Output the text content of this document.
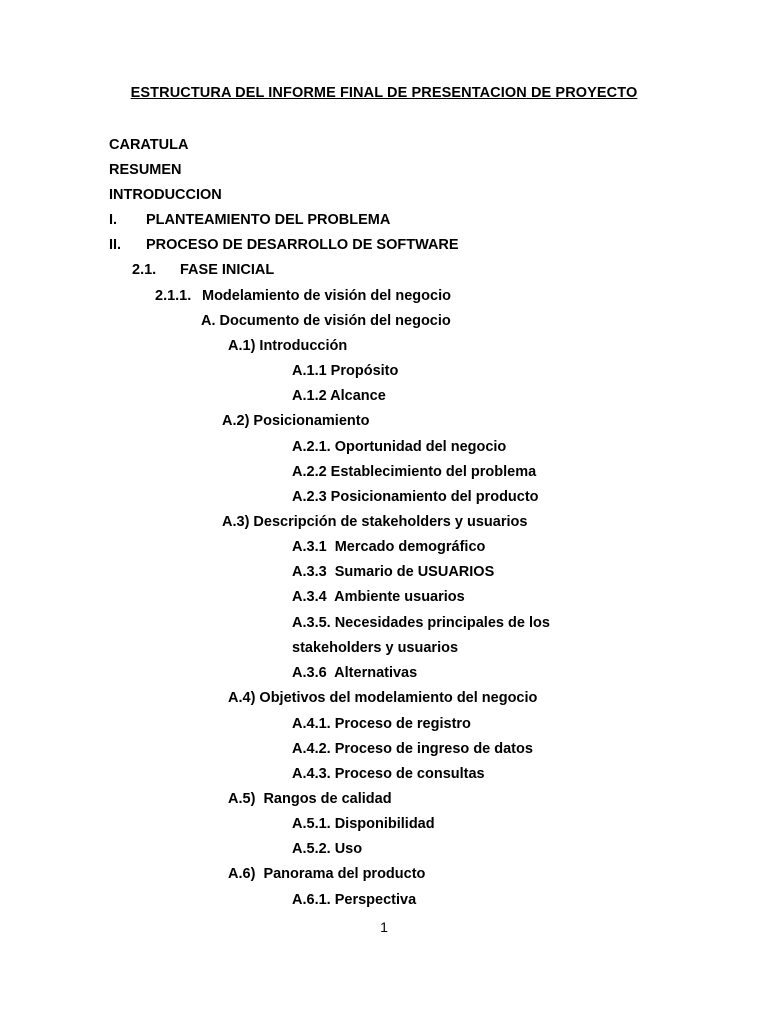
ESTRUCTURA DEL INFORME FINAL DE PRESENTACION DE PROYECTO
CARATULA
RESUMEN
INTRODUCCION
I. PLANTEAMIENTO DEL PROBLEMA
II. PROCESO DE DESARROLLO DE SOFTWARE
2.1. FASE INICIAL
2.1.1. Modelamiento de visión del negocio
A. Documento de visión del negocio
A.1) Introducción
A.1.1 Propósito
A.1.2 Alcance
A.2) Posicionamiento
A.2.1. Oportunidad del negocio
A.2.2 Establecimiento del problema
A.2.3 Posicionamiento del producto
A.3) Descripción de stakeholders y usuarios
A.3.1  Mercado demográfico
A.3.3  Sumario de USUARIOS
A.3.4  Ambiente usuarios
A.3.5. Necesidades principales de los
stakeholders y usuarios
A.3.6  Alternativas
A.4) Objetivos del modelamiento del negocio
A.4.1. Proceso de registro
A.4.2. Proceso de ingreso de datos
A.4.3. Proceso de consultas
A.5)  Rangos de calidad
A.5.1. Disponibilidad
A.5.2. Uso
A.6)  Panorama del producto
A.6.1. Perspectiva
1
